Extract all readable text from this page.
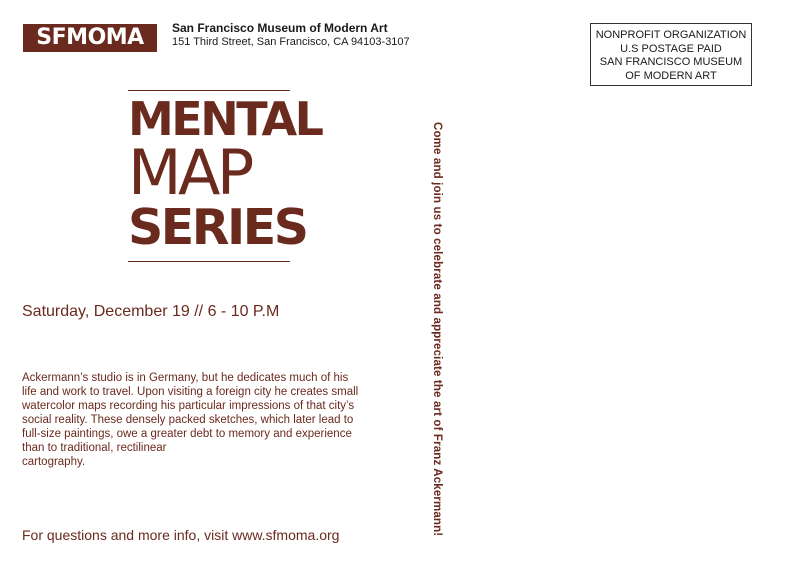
SFMOMA San Francisco Museum of Modern Art
151 Third Street, San Francisco, CA 94103-3107
NONPROFIT ORGANIZATION
U.S POSTAGE PAID
SAN FRANCISCO MUSEUM
OF MODERN ART
MENTAL
MAP
SERIES
Saturday, December 19 // 6 - 10 P.M
Ackermann’s studio is in Germany, but he dedicates much of his
life and work to travel. Upon visiting a foreign city he creates small
watercolor maps recording his particular impressions of that city’s
social reality. These densely packed sketches, which later lead to
full-size paintings, owe a greater debt to memory and experience
than to traditional, rectilinear
cartography.
For questions and more info, visit www.sfmoma.org	Come and join us to celebrate and appreciate the art of Franz Ackermann!
